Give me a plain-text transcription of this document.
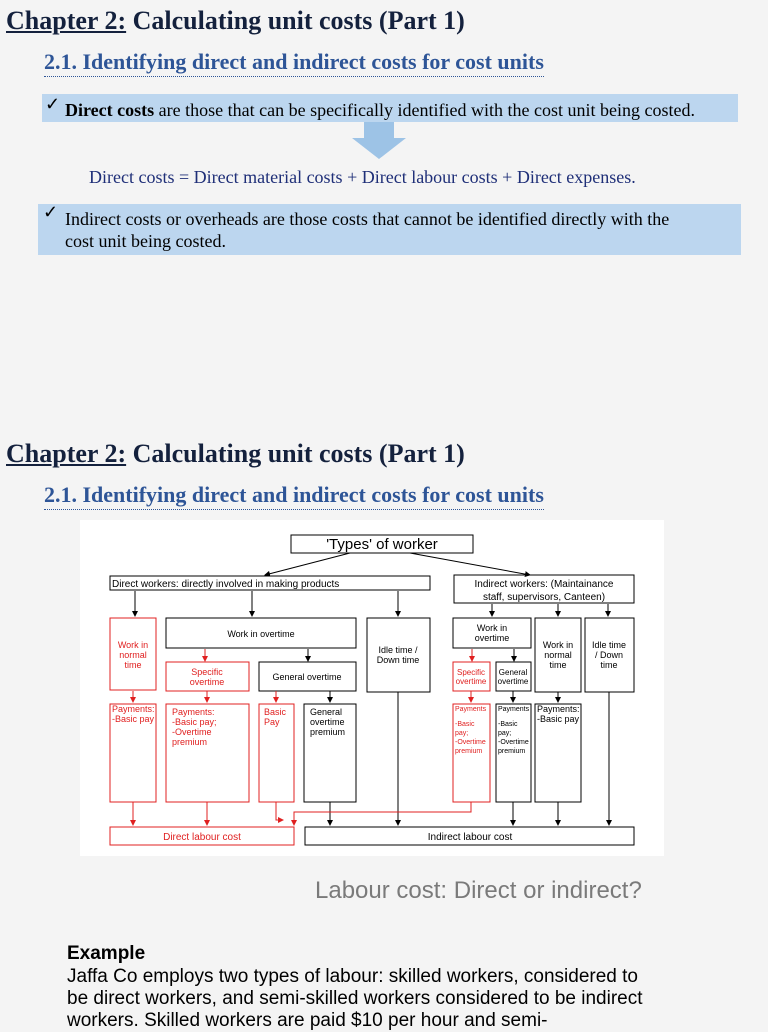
Chapter 2: Calculating unit costs (Part 1)
2.1. Identifying direct and indirect costs for cost units
✓ Direct costs are those that can be specifically identified with the cost unit being costed.
Direct costs = Direct material costs + Direct labour costs + Direct expenses.
✓ Indirect costs or overheads are those costs that cannot be identified directly with the
cost unit being costed.
Chapter 2: Calculating unit costs (Part 1)
2.1. Identifying direct and indirect costs for cost units
'Types' of worker
Direct workers: directly involved in making products	Indirect workers: (Maintainance
staff, supervisors, Canteen)
Work in
normal
time
Work in overtime
Idle time /
Down time
Specific
overtime	General overtime
Payments:
-Basic pay
Payments:
-Basic pay;
-Overtime
premium
Basic
Pay
General
overtime
premium
Work in
overtime
Work in
normal
time
Idle time
/ Down
time
Specific
overtime
General
overtime
Payments
-Basic
pay;
-Overtime
premium
Payments
-Basic
pay;
-Overtime
premium
Payments:
-Basic pay
Direct labour cost	Indirect labour cost
Labour cost: Direct or indirect?
Example
Jaffa Co employs two types of labour: skilled workers, considered to be direct workers, and semi-skilled workers considered to be indirect workers. Skilled workers are paid $10 per hour and semi-
